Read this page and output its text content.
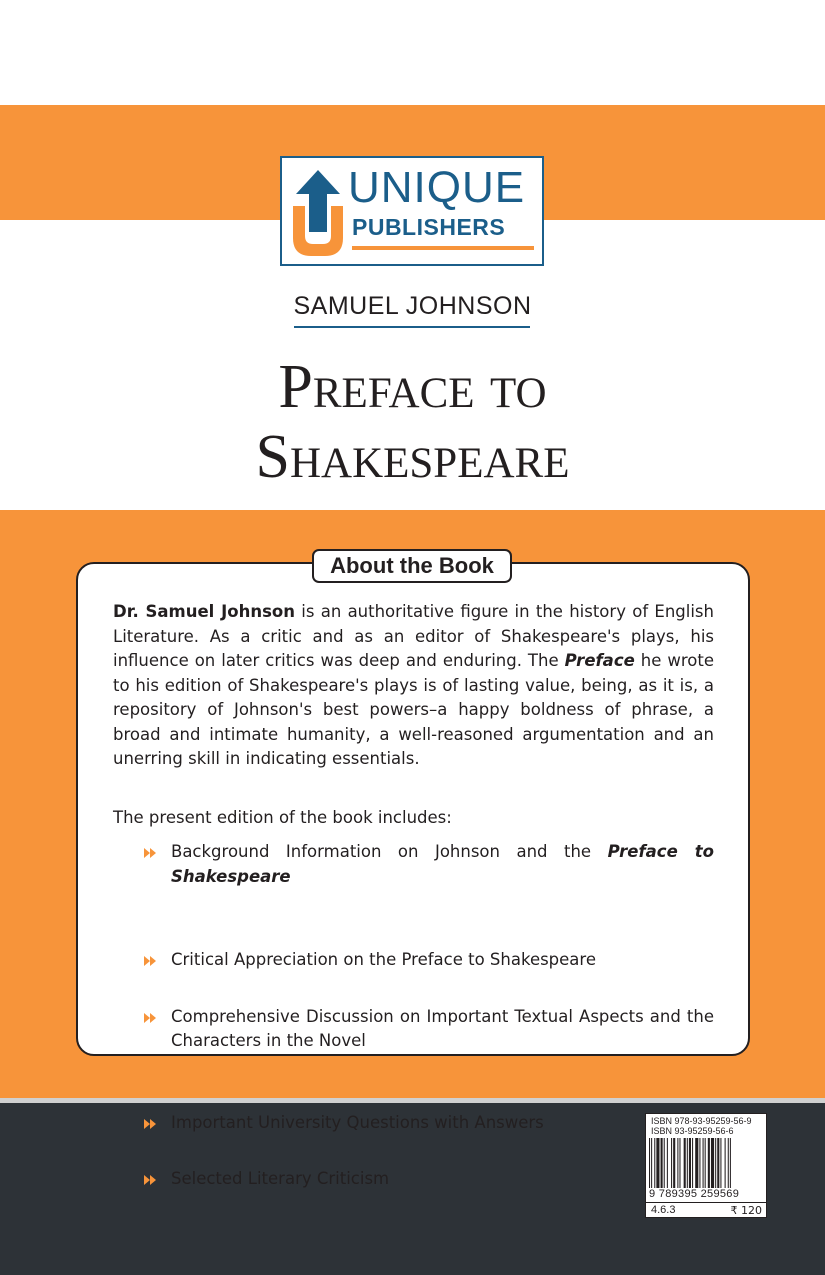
UNIQUE
PUBLISHERS
SAMUEL JOHNSON
Preface to
Shakespeare
About the Book

Dr. Samuel Johnson is an authoritative figure in the history of English Literature. As a critic and as an editor of Shakespeare's plays, his influence on later critics was deep and enduring. The Preface he wrote to his edition of Shakespeare's plays is of lasting value, being, as it is, a repository of Johnson's best powers–a happy boldness of phrase, a broad and intimate humanity, a well-reasoned argumentation and an unerring skill in indicating essentials.

The present edition of the book includes:

Background Information on Johnson and the Preface to Shakespeare
Critical Appreciation on the Preface to Shakespeare
Comprehensive Discussion on Important Textual Aspects and the Characters in the Novel
Important University Questions with Answers
Selected Literary Criticism
ISBN 978-93-95259-56-9
ISBN 93-95259-56-6
9 789395 259569
4.6.3	₹ 120
